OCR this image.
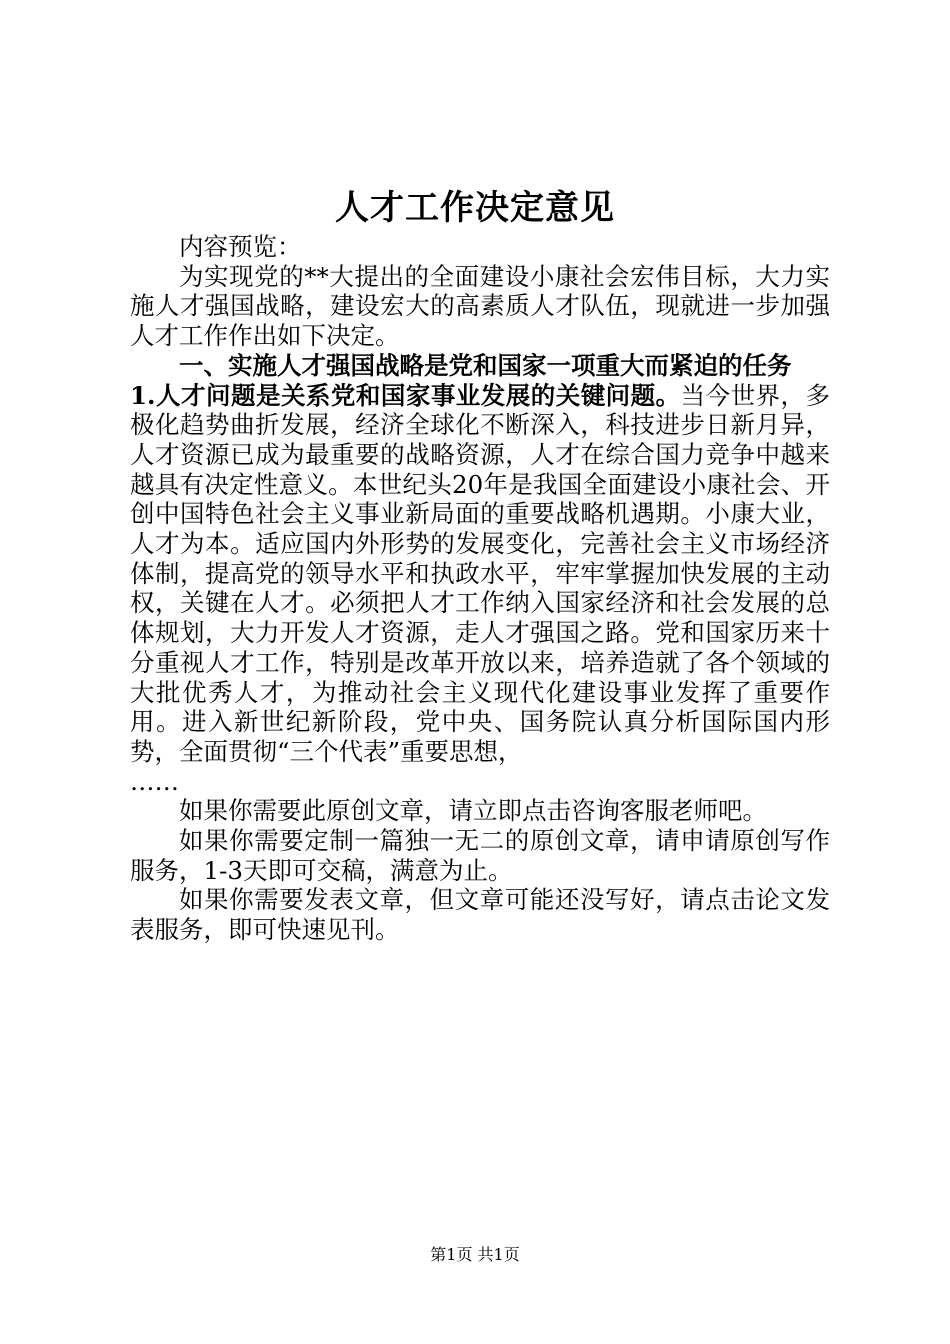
人才工作决定意见

内容预览：

为实现党的**大提出的全面建设小康社会宏伟目标，大力实施人才强国战略，建设宏大的高素质人才队伍，现就进一步加强人才工作作出如下决定。

一、实施人才强国战略是党和国家一项重大而紧迫的任务

1.人才问题是关系党和国家事业发展的关键问题。当今世界，多极化趋势曲折发展，经济全球化不断深入，科技进步日新月异，人才资源已成为最重要的战略资源，人才在综合国力竞争中越来越具有决定性意义。本世纪头20年是我国全面建设小康社会、开创中国特色社会主义事业新局面的重要战略机遇期。小康大业，人才为本。适应国内外形势的发展变化，完善社会主义市场经济体制，提高党的领导水平和执政水平，牢牢掌握加快发展的主动权，关键在人才。必须把人才工作纳入国家经济和社会发展的总体规划，大力开发人才资源，走人才强国之路。党和国家历来十分重视人才工作，特别是改革开放以来，培养造就了各个领域的大批优秀人才，为推动社会主义现代化建设事业发挥了重要作用。进入新世纪新阶段，党中央、国务院认真分析国际国内形势，全面贯彻“三个代表”重要思想，

……

如果你需要此原创文章，请立即点击咨询客服老师吧。

如果你需要定制一篇独一无二的原创文章，请申请原创写作服务，1-3天即可交稿，满意为止。

如果你需要发表文章，但文章可能还没写好，请点击论文发表服务，即可快速见刊。

第1页 共1页
